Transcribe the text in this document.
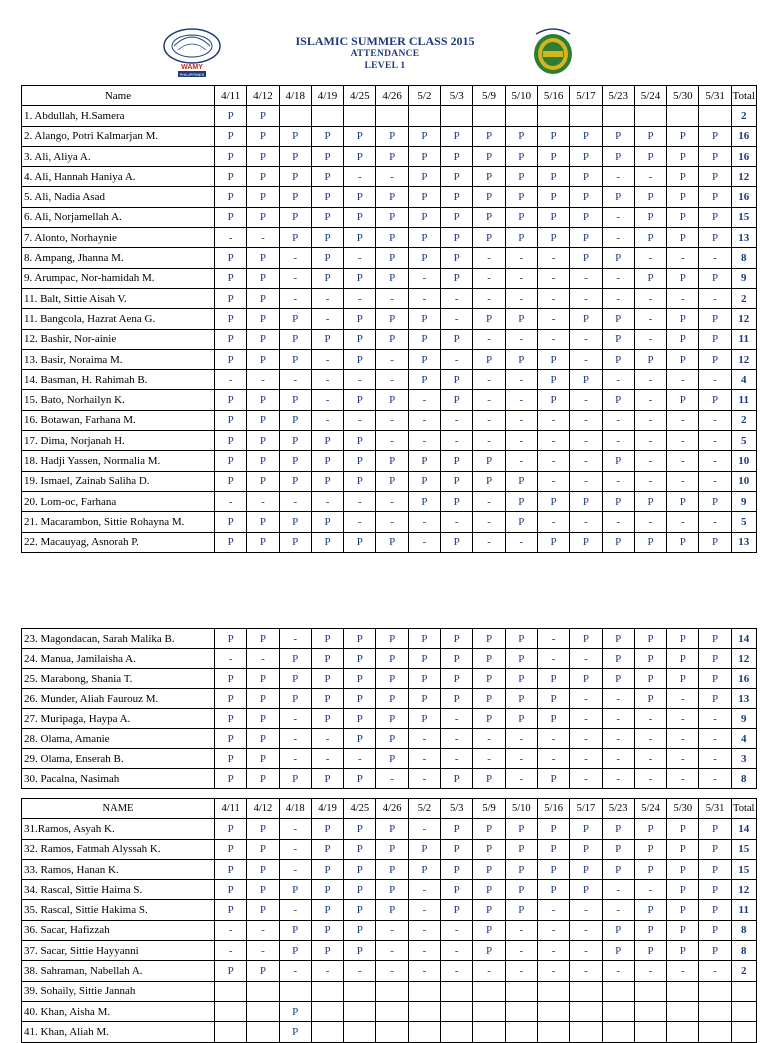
WAMY
PHILIPPINES
ISLAMIC SUMMER CLASS 2015
ATTENDANCE
LEVEL 1
Name	4/11	4/12	4/18	4/19	4/25	4/26	5/2	5/3	5/9	5/10	5/16	5/17	5/23	5/24	5/30	5/31	Total
1. Abdullah, H.Samera	P	P															2
2. Alango, Potri Kalmarjan M.	P	P	P	P	P	P	P	P	P	P	P	P	P	P	P	P	16
3. Ali, Aliya A.	P	P	P	P	P	P	P	P	P	P	P	P	P	P	P	P	16
4. Ali, Hannah Haniya A.	P	P	P	P	-	-	P	P	P	P	P	P	-	-	P	P	12
5. Ali, Nadia Asad	P	P	P	P	P	P	P	P	P	P	P	P	P	P	P	P	16
6. Ali, Norjamellah A.	P	P	P	P	P	P	P	P	P	P	P	P	-	P	P	P	15
7. Alonto, Norhaynie	-	-	P	P	P	P	P	P	P	P	P	P	-	P	P	P	13
8. Ampang, Jhanna M.	P	P	-	P	-	P	P	P	-	-	-	P	P	-	-	-	8
9. Arumpac, Nor-hamidah M.	P	P	-	P	P	P	-	P	-	-	-	-	-	P	P	P	9
11. Balt, Sittie Aisah V.	P	P	-	-	-	-	-	-	-	-	-	-	-	-	-	-	2
11. Bangcola, Hazrat Aena G.	P	P	P	-	P	P	P	-	P	P	-	P	P	-	P	P	12
12. Bashir, Nor-ainie	P	P	P	P	P	P	P	P	-	-	-	-	P	-	P	P	11
13. Basir, Noraima M.	P	P	P	-	P	-	P	-	P	P	P	-	P	P	P	P	12
14. Basman, H. Rahimah B.	-	-	-	-	-	-	P	P	-	-	P	P	-	-	-	-	4
15. Bato, Norhailyn K.	P	P	P	-	P	P	-	P	-	-	P	-	P	-	P	P	11
16. Botawan, Farhana M.	P	P	P	-	-	-	-	-	-	-	-	-	-	-	-	-	2
17. Dima, Norjanah H.	P	P	P	P	P	-	-	-	-	-	-	-	-	-	-	-	5
18. Hadji Yassen, Normalia M.	P	P	P	P	P	P	P	P	P	-	-	-	P	-	-	-	10
19. Ismael, Zainab Saliha D.	P	P	P	P	P	P	P	P	P	P	-	-	-	-	-	-	10
20. Lom-oc, Farhana	-	-	-	-	-	-	P	P	-	P	P	P	P	P	P	P	9
21. Macarambon, Sittie Rohayna M.	P	P	P	P	-	-	-	-	-	P	-	-	-	-	-	-	5
22. Macauyag, Asnorah P.	P	P	P	P	P	P	-	P	-	-	P	P	P	P	P	P	13
23. Magondacan, Sarah Malika B.	P	P	-	P	P	P	P	P	P	P	-	P	P	P	P	P	14
24. Manua, Jamilaisha A.	-	-	P	P	P	P	P	P	P	P	-	-	P	P	P	P	12
25. Marabong, Shania T.	P	P	P	P	P	P	P	P	P	P	P	P	P	P	P	P	16
26. Munder, Aliah Faurouz M.	P	P	P	P	P	P	P	P	P	P	P	-	-	P	-	P	13
27. Muripaga, Haypa A.	P	P	-	P	P	P	P	-	P	P	P	-	-	-	-	-	9
28. Olama, Amanie	P	P	-	-	P	P	-	-	-	-	-	-	-	-	-	-	4
29. Olama, Enserah B.	P	P	-	-	-	P	-	-	-	-	-	-	-	-	-	-	3
30. Pacalna, Nasimah	P	P	P	P	P	-	-	P	P	-	P	-	-	-	-	-	8
NAME	4/11	4/12	4/18	4/19	4/25	4/26	5/2	5/3	5/9	5/10	5/16	5/17	5/23	5/24	5/30	5/31	Total
31.Ramos, Asyah K.	P	P	-	P	P	P	-	P	P	P	P	P	P	P	P	P	14
32. Ramos, Fatmah Alyssah K.	P	P	-	P	P	P	P	P	P	P	P	P	P	P	P	P	15
33. Ramos, Hanan K.	P	P	-	P	P	P	P	P	P	P	P	P	P	P	P	P	15
34. Rascal, Sittie Haima S.	P	P	P	P	P	P	-	P	P	P	P	P	-	-	P	P	12
35. Rascal, Sittie Hakima S.	P	P	-	P	P	P	-	P	P	P	-	-	-	P	P	P	11
36. Sacar, Hafizzah	-	-	P	P	P	-	-	-	P	-	-	-	P	P	P	P	8
37. Sacar, Sittie Hayyanni	-	-	P	P	P	-	-	-	P	-	-	-	P	P	P	P	8
38. Sahraman, Nabellah A.	P	P	-	-	-	-	-	-	-	-	-	-	-	-	-	-	2
39. Sohaily, Sittie Jannah																	
40. Khan, Aisha M.			P														
41. Khan, Aliah M.			P														
